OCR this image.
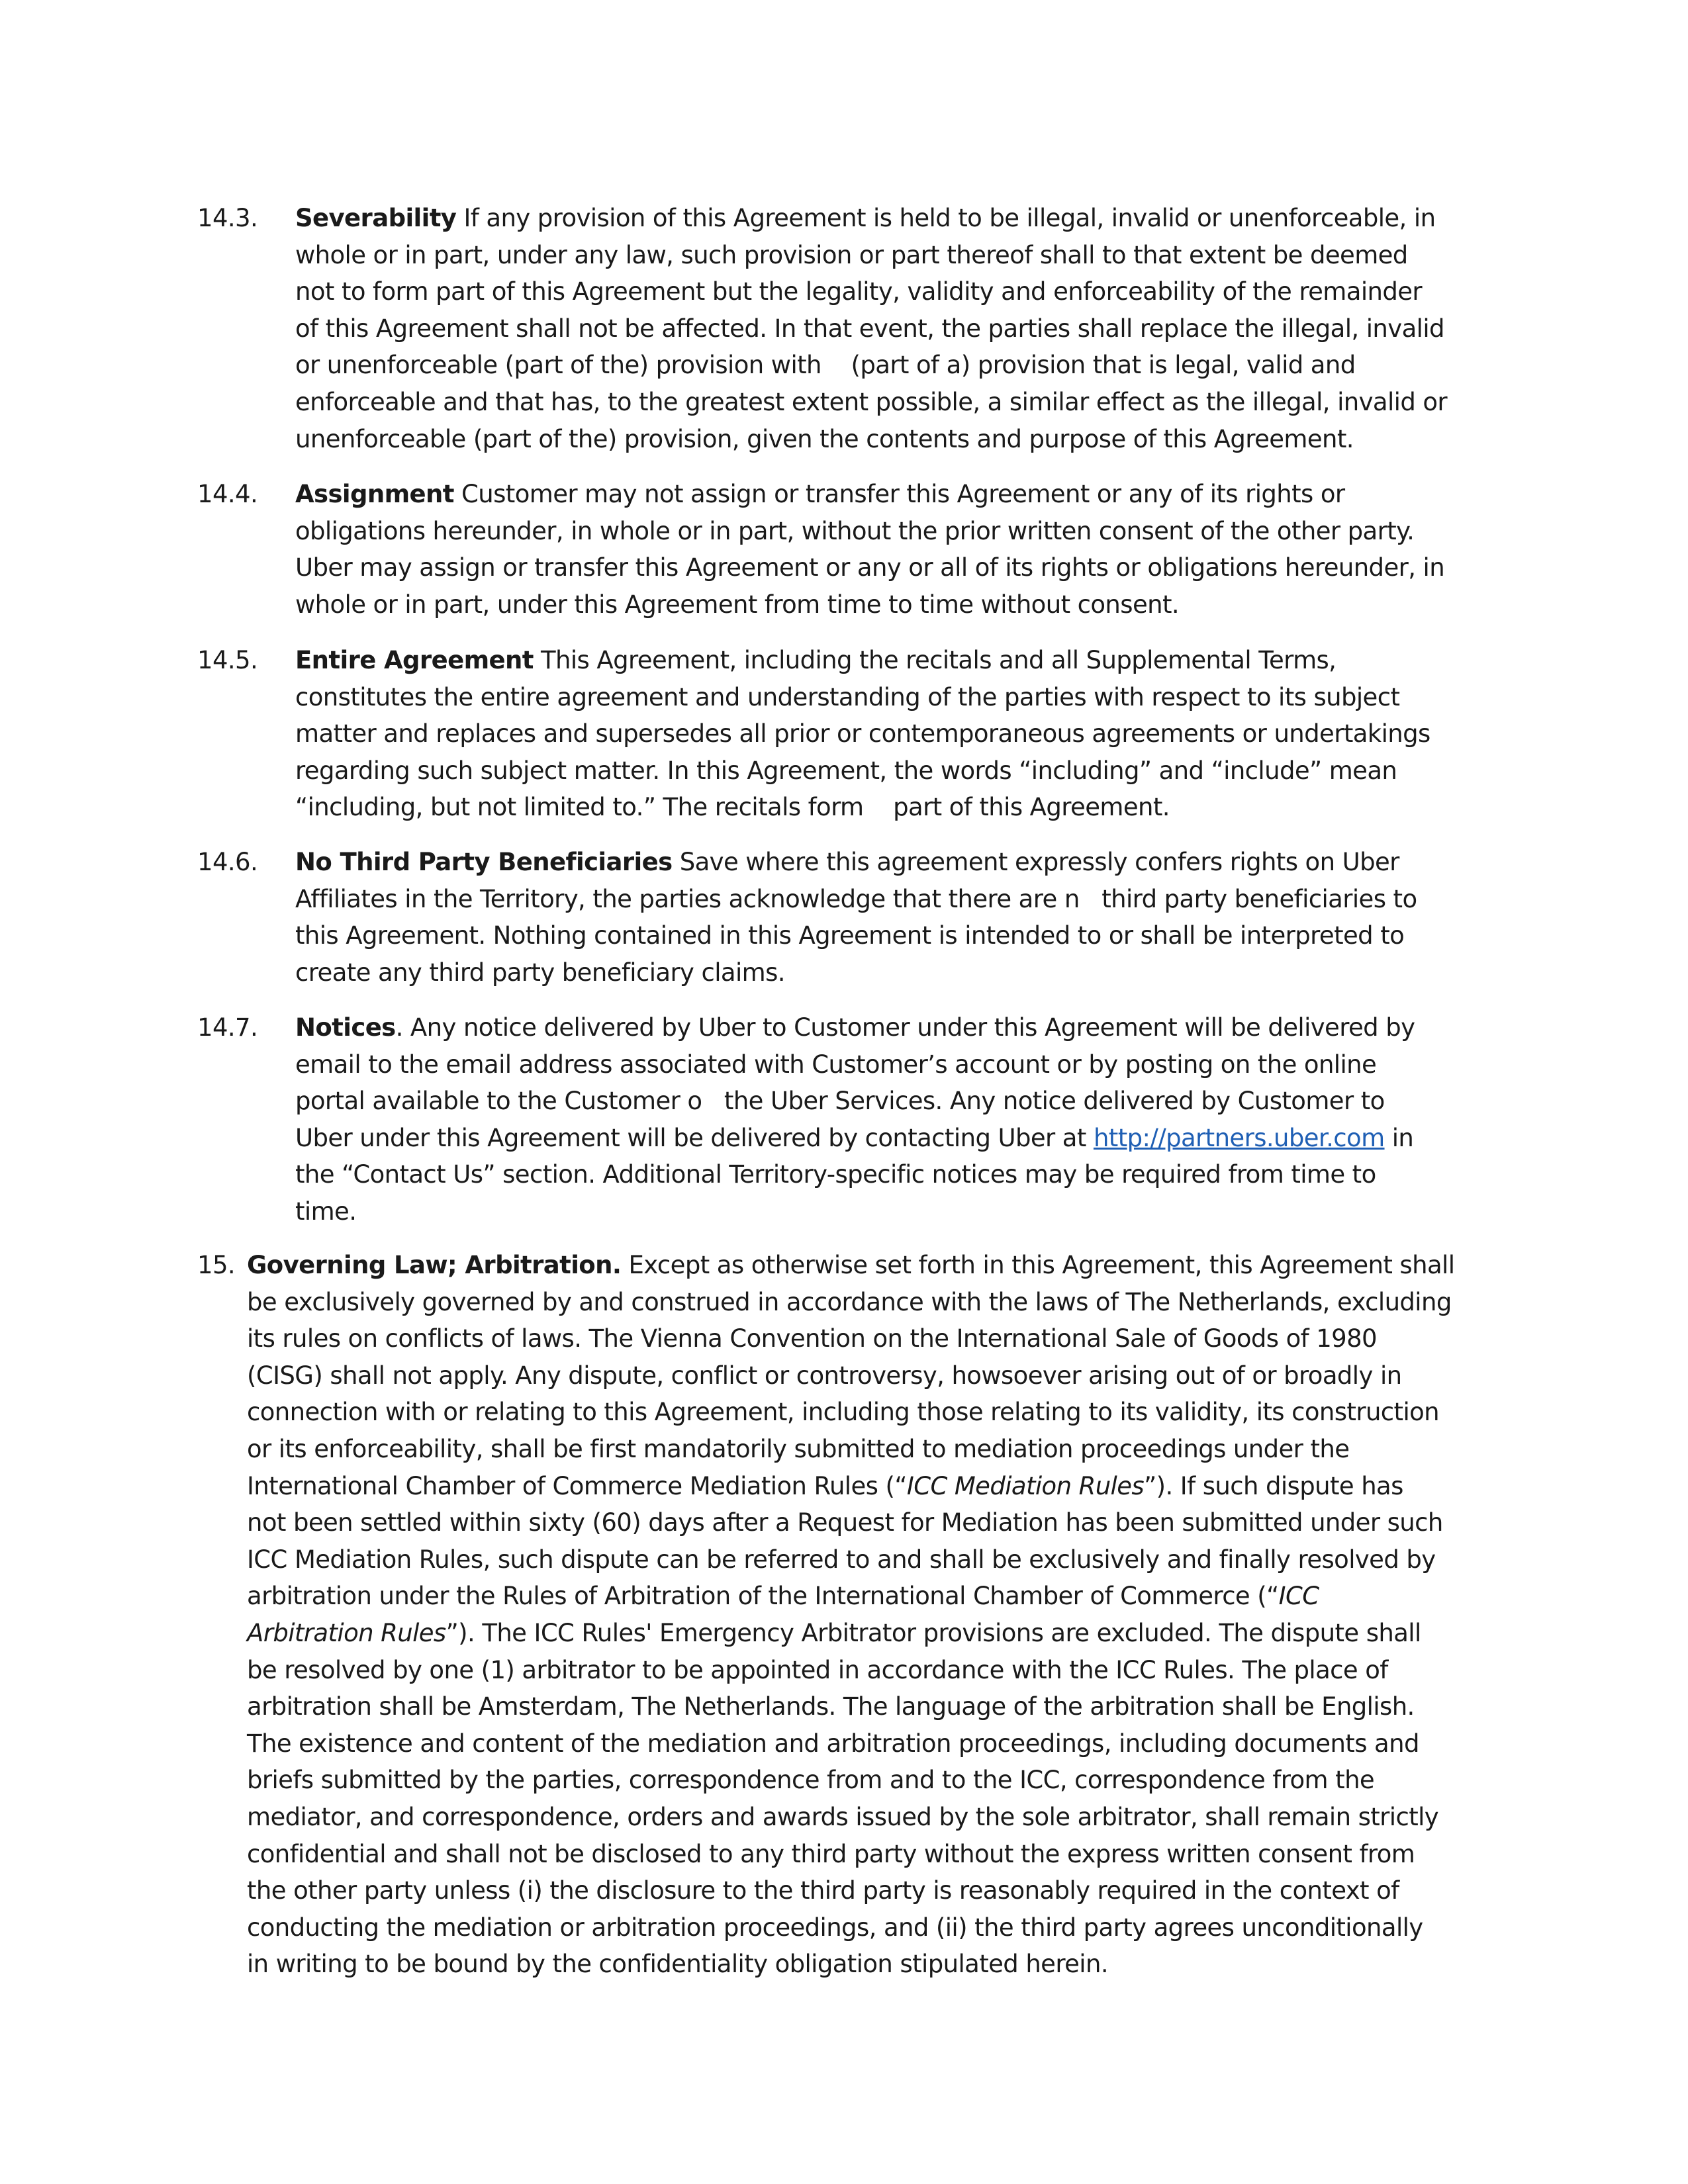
14.3. Severability If any provision of this Agreement is held to be illegal, invalid or unenforceable, in
whole or in part, under any law, such provision or part thereof shall to that extent be deemed
not to form part of this Agreement but the legality, validity and enforceability of the remainder
of this Agreement shall not be affected. In that event, the parties shall replace the illegal, invalid
or unenforceable (part of the) provision with    (part of a) provision that is legal, valid and
enforceable and that has, to the greatest extent possible, a similar effect as the illegal, invalid or
unenforceable (part of the) provision, given the contents and purpose of this Agreement.
14.4. Assignment Customer may not assign or transfer this Agreement or any of its rights or
obligations hereunder, in whole or in part, without the prior written consent of the other party.
Uber may assign or transfer this Agreement or any or all of its rights or obligations hereunder, in
whole or in part, under this Agreement from time to time without consent.
14.5. Entire Agreement This Agreement, including the recitals and all Supplemental Terms,
constitutes the entire agreement and understanding of the parties with respect to its subject
matter and replaces and supersedes all prior or contemporaneous agreements or undertakings
regarding such subject matter. In this Agreement, the words “including” and “include” mean
“including, but not limited to.” The recitals form    part of this Agreement.
14.6. No Third Party Beneficiaries Save where this agreement expressly confers rights on Uber
Affiliates in the Territory, the parties acknowledge that there are n   third party beneficiaries to
this Agreement. Nothing contained in this Agreement is intended to or shall be interpreted to
create any third party beneficiary claims.
14.7. Notices. Any notice delivered by Uber to Customer under this Agreement will be delivered by
email to the email address associated with Customer’s account or by posting on the online
portal available to the Customer o   the Uber Services. Any notice delivered by Customer to
Uber under this Agreement will be delivered by contacting Uber at http://partners.uber.com in
the “Contact Us” section. Additional Territory-specific notices may be required from time to
time.
15. Governing Law; Arbitration. Except as otherwise set forth in this Agreement, this Agreement shall
be exclusively governed by and construed in accordance with the laws of The Netherlands, excluding
its rules on conflicts of laws. The Vienna Convention on the International Sale of Goods of 1980
(CISG) shall not apply. Any dispute, conflict or controversy, howsoever arising out of or broadly in
connection with or relating to this Agreement, including those relating to its validity, its construction
or its enforceability, shall be first mandatorily submitted to mediation proceedings under the
International Chamber of Commerce Mediation Rules (“ICC Mediation Rules”). If such dispute has
not been settled within sixty (60) days after a Request for Mediation has been submitted under such
ICC Mediation Rules, such dispute can be referred to and shall be exclusively and finally resolved by
arbitration under the Rules of Arbitration of the International Chamber of Commerce (“ICC
Arbitration Rules”). The ICC Rules' Emergency Arbitrator provisions are excluded. The dispute shall
be resolved by one (1) arbitrator to be appointed in accordance with the ICC Rules. The place of
arbitration shall be Amsterdam, The Netherlands. The language of the arbitration shall be English.
The existence and content of the mediation and arbitration proceedings, including documents and
briefs submitted by the parties, correspondence from and to the ICC, correspondence from the
mediator, and correspondence, orders and awards issued by the sole arbitrator, shall remain strictly
confidential and shall not be disclosed to any third party without the express written consent from
the other party unless (i) the disclosure to the third party is reasonably required in the context of
conducting the mediation or arbitration proceedings, and (ii) the third party agrees unconditionally
in writing to be bound by the confidentiality obligation stipulated herein.
